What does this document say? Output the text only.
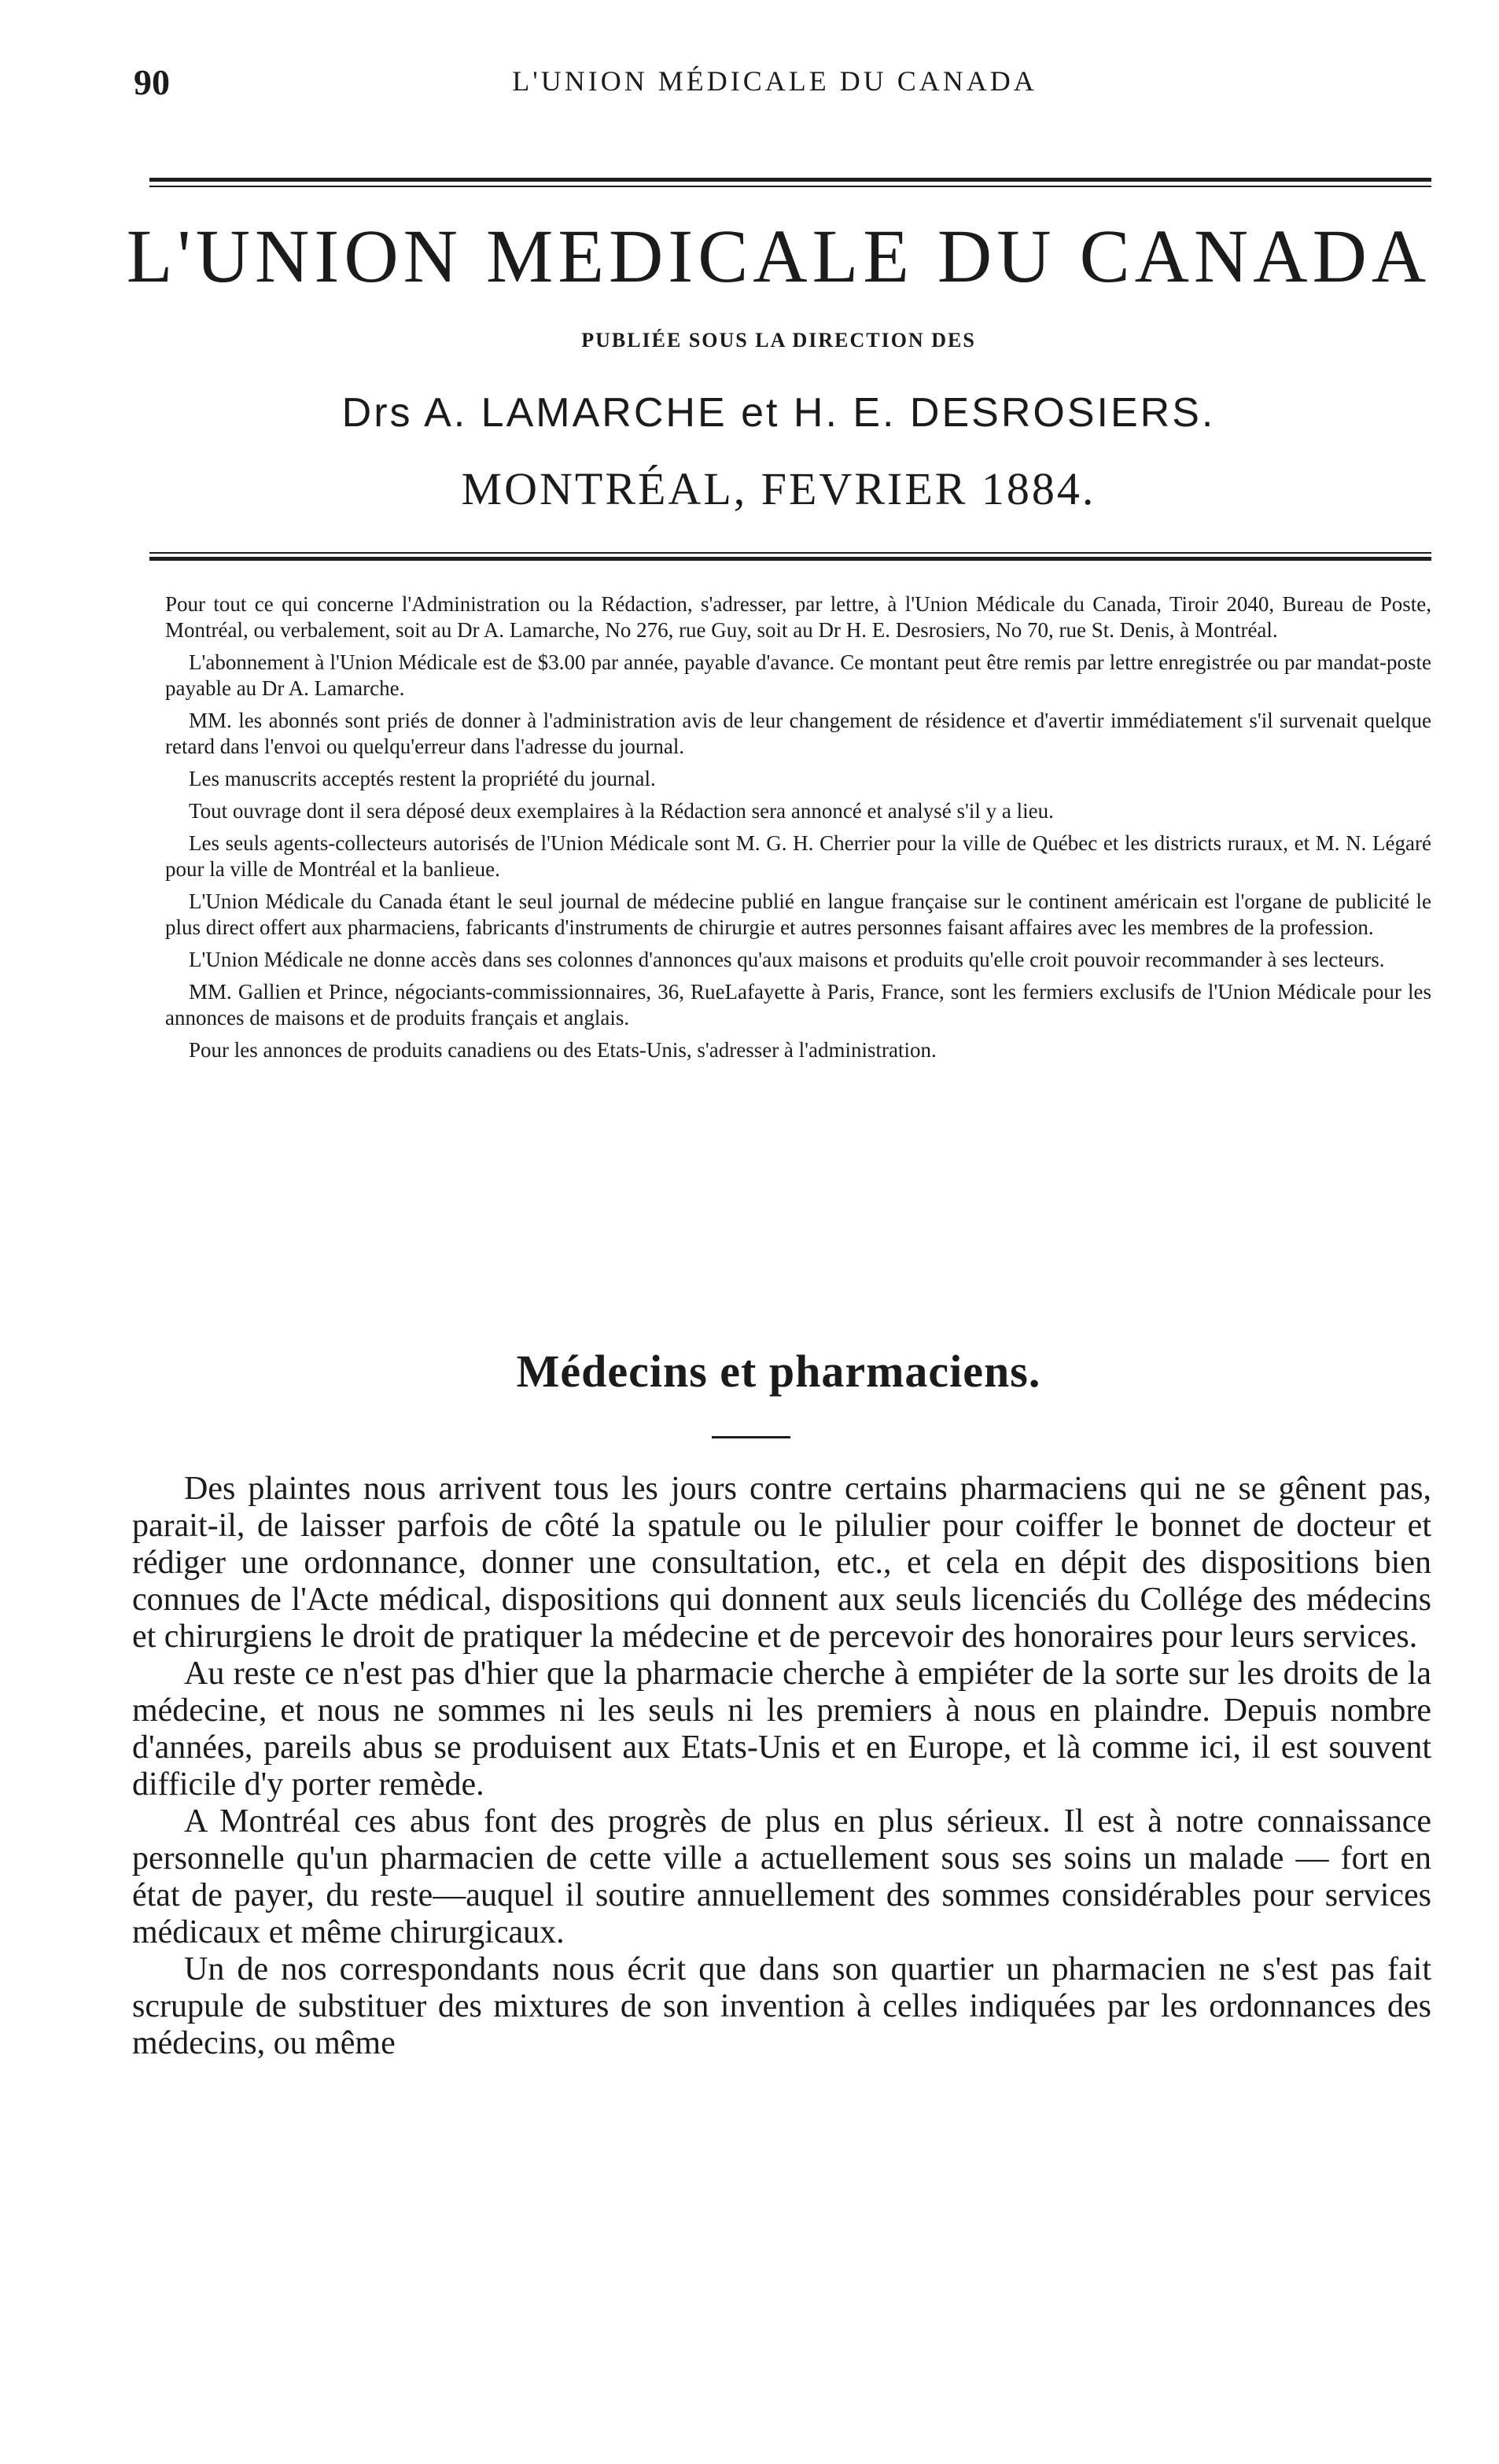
90	L'UNION MÉDICALE DU CANADA
L'UNION MEDICALE DU CANADA
PUBLIÉE SOUS LA DIRECTION DES
Drs A. LAMARCHE et H. E. DESROSIERS.
MONTRÉAL, FEVRIER 1884.

Pour tout ce qui concerne l'Administration ou la Rédaction, s'adresser, par lettre, à l'Union Médicale du Canada, Tiroir 2040, Bureau de Poste, Montréal, ou verbalement, soit au Dr A. Lamarche, No 276, rue Guy, soit au Dr H. E. Desrosiers, No 70, rue St. Denis, à Montréal.

L'abonnement à l'Union Médicale est de $3.00 par année, payable d'avance. Ce montant peut être remis par lettre enregistrée ou par mandat-poste payable au Dr A. Lamarche.

MM. les abonnés sont priés de donner à l'administration avis de leur changement de résidence et d'avertir immédiatement s'il survenait quelque retard dans l'envoi ou quelqu'erreur dans l'adresse du journal.

Les manuscrits acceptés restent la propriété du journal.

Tout ouvrage dont il sera déposé deux exemplaires à la Rédaction sera annoncé et analysé s'il y a lieu.

Les seuls agents-collecteurs autorisés de l'Union Médicale sont M. G. H. Cherrier pour la ville de Québec et les districts ruraux, et M. N. Légaré pour la ville de Montréal et la banlieue.

L'Union Médicale du Canada étant le seul journal de médecine publié en langue française sur le continent américain est l'organe de publicité le plus direct offert aux pharmaciens, fabricants d'instruments de chirurgie et autres personnes faisant affaires avec les membres de la profession.

L'Union Médicale ne donne accès dans ses colonnes d'annonces qu'aux maisons et produits qu'elle croit pouvoir recommander à ses lecteurs.

MM. Gallien et Prince, négociants-commissionnaires, 36, RueLafayette à Paris, France, sont les fermiers exclusifs de l'Union Médicale pour les annonces de maisons et de produits français et anglais.

Pour les annonces de produits canadiens ou des Etats-Unis, s'adresser à l'administration.

Médecins et pharmaciens.

Des plaintes nous arrivent tous les jours contre certains pharmaciens qui ne se gênent pas, parait-il, de laisser parfois de côté la spatule ou le pilulier pour coiffer le bonnet de docteur et rédiger une ordonnance, donner une consultation, etc., et cela en dépit des dispositions bien connues de l'Acte médical, dispositions qui donnent aux seuls licenciés du Collége des médecins et chirurgiens le droit de pratiquer la médecine et de percevoir des honoraires pour leurs services.

Au reste ce n'est pas d'hier que la pharmacie cherche à empiéter de la sorte sur les droits de la médecine, et nous ne sommes ni les seuls ni les premiers à nous en plaindre. Depuis nombre d'années, pareils abus se produisent aux Etats-Unis et en Europe, et là comme ici, il est souvent difficile d'y porter remède.

A Montréal ces abus font des progrès de plus en plus sérieux. Il est à notre connaissance personnelle qu'un pharmacien de cette ville a actuellement sous ses soins un malade — fort en état de payer, du reste—auquel il soutire annuellement des sommes considérables pour services médicaux et même chirurgicaux.

Un de nos correspondants nous écrit que dans son quartier un pharmacien ne s'est pas fait scrupule de substituer des mixtures de son invention à celles indiquées par les ordonnances des médecins, ou même
